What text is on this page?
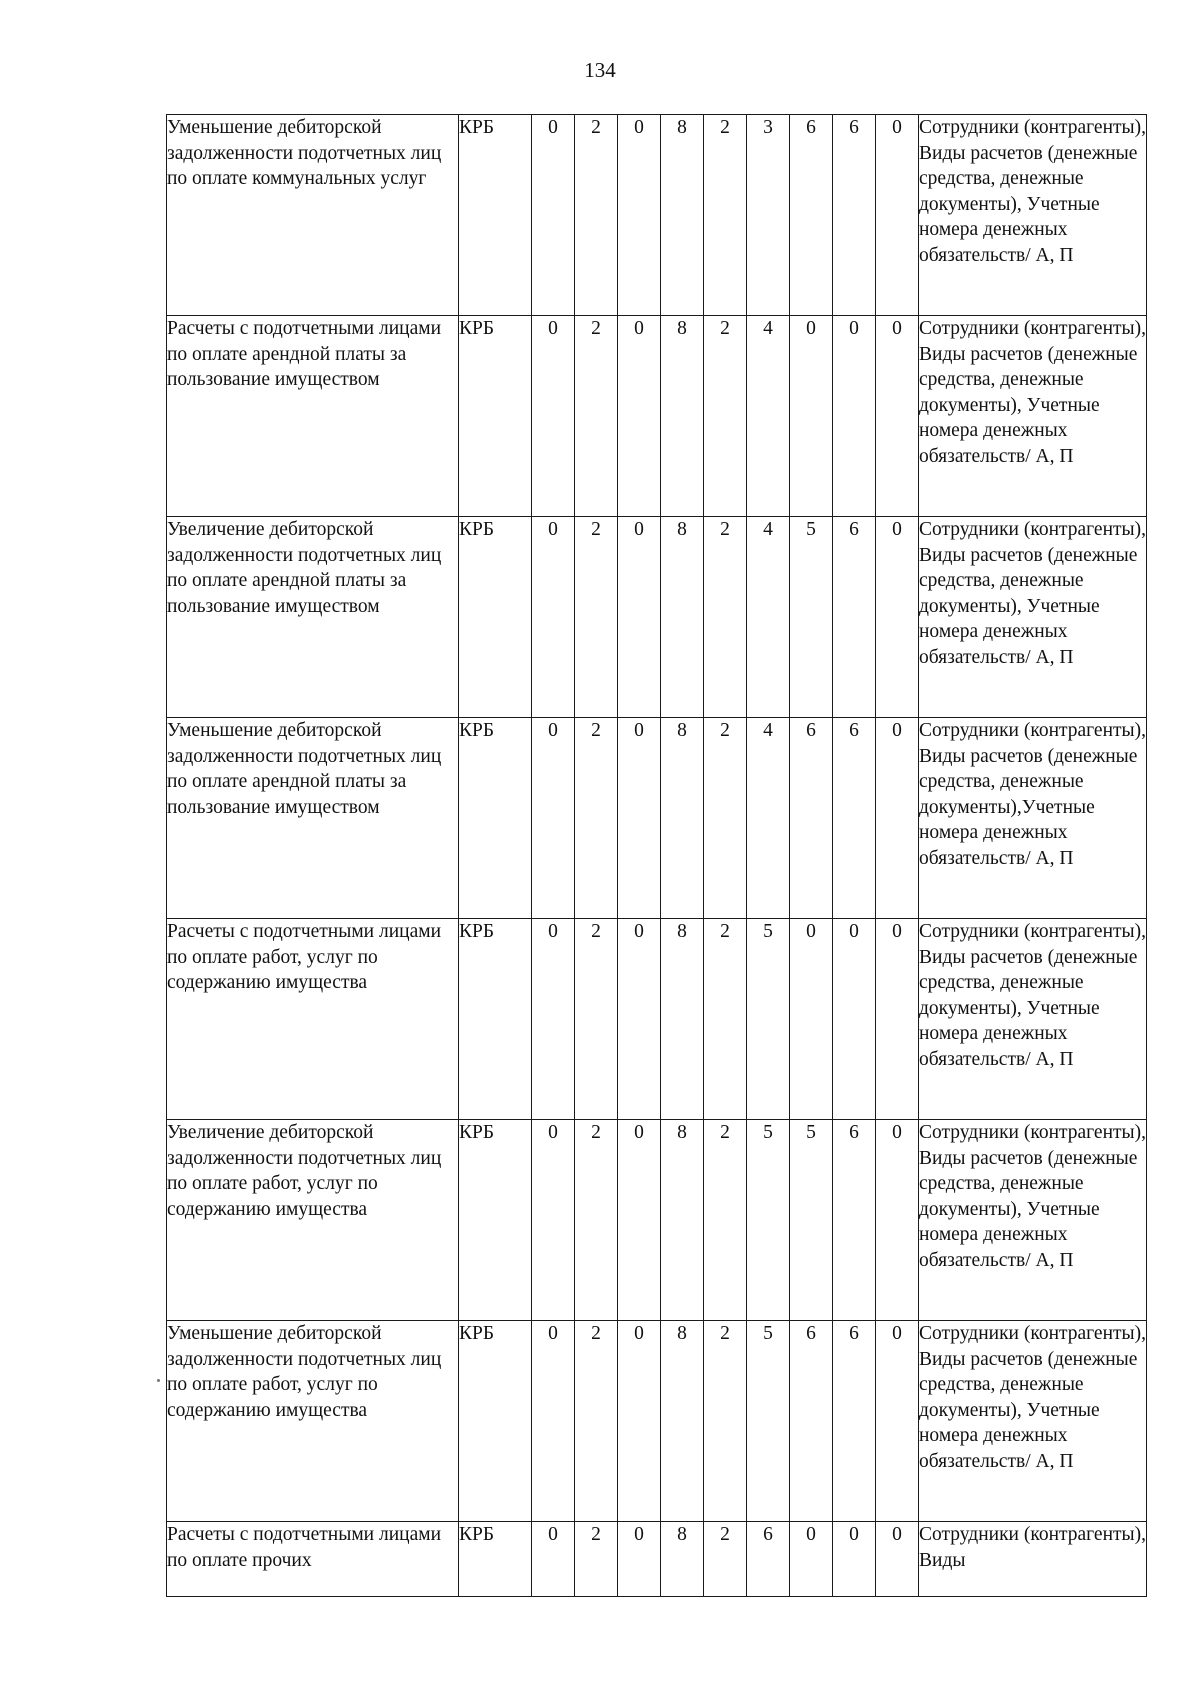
134
Уменьшение дебиторской задолженности подотчетных лиц по оплате коммунальных услуг	КРБ	0	2	0	8	2	3	6	6	0	Сотрудники (контрагенты), Виды расчетов (денежные средства, денежные документы), Учетные номера денежных обязательств/ А, П
Расчеты с подотчетными лицами по оплате арендной платы за пользование имуществом	КРБ	0	2	0	8	2	4	0	0	0	Сотрудники (контрагенты), Виды расчетов (денежные средства, денежные документы), Учетные номера денежных обязательств/ А, П
Увеличение дебиторской задолженности подотчетных лиц по оплате арендной платы за пользование имуществом	КРБ	0	2	0	8	2	4	5	6	0	Сотрудники (контрагенты), Виды расчетов (денежные средства, денежные документы), Учетные номера денежных обязательств/ А, П
Уменьшение дебиторской задолженности подотчетных лиц по оплате арендной платы за пользование имуществом	КРБ	0	2	0	8	2	4	6	6	0	Сотрудники (контрагенты), Виды расчетов (денежные средства, денежные документы),Учетные номера денежных обязательств/ А, П
Расчеты с подотчетными лицами по оплате работ, услуг по содержанию имущества	КРБ	0	2	0	8	2	5	0	0	0	Сотрудники (контрагенты), Виды расчетов (денежные средства, денежные документы), Учетные номера денежных обязательств/ А, П
Увеличение дебиторской задолженности подотчетных лиц по оплате работ, услуг по содержанию имущества	КРБ	0	2	0	8	2	5	5	6	0	Сотрудники (контрагенты), Виды расчетов (денежные средства, денежные документы), Учетные номера денежных обязательств/ А, П
Уменьшение дебиторской задолженности подотчетных лиц по оплате работ, услуг по содержанию имущества	КРБ	0	2	0	8	2	5	6	6	0	Сотрудники (контрагенты), Виды расчетов (денежные средства, денежные документы), Учетные номера денежных обязательств/ А, П
Расчеты с подотчетными лицами по оплате прочих	КРБ	0	2	0	8	2	6	0	0	0	Сотрудники (контрагенты), Виды
